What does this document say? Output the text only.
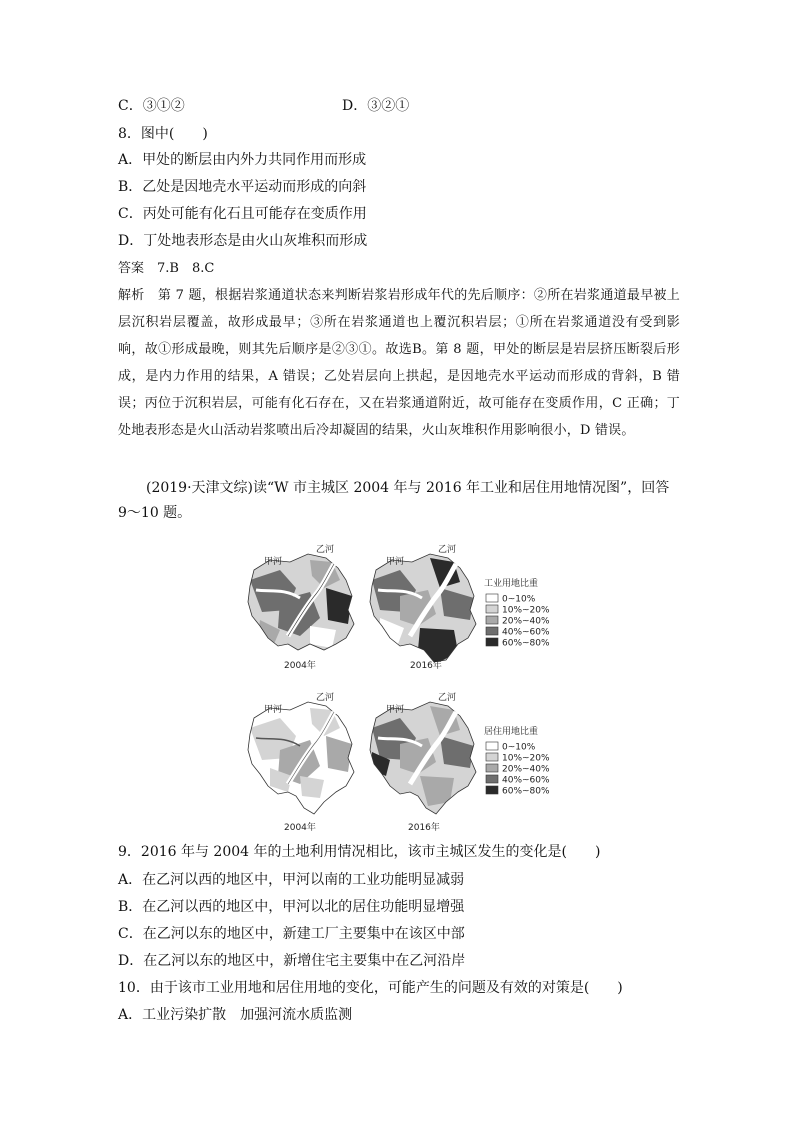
C．③①②	D．③②①
8．图中(　　)
A．甲处的断层由内外力共同作用而形成
B．乙处是因地壳水平运动而形成的向斜
C．丙处可能有化石且可能存在变质作用
D．丁处地表形态是由火山灰堆积而形成
答案　7.B　8.C
解析　第 7 题，根据岩浆通道状态来判断岩浆岩形成年代的先后顺序：②所在岩浆通道最早被上层沉积岩层覆盖，故形成最早；③所在岩浆通道也上覆沉积岩层；①所在岩浆通道没有受到影响，故①形成最晚，则其先后顺序是②③①。故选B。第 8 题，甲处的断层是岩层挤压断裂后形成，是内力作用的结果，A 错误；乙处岩层向上拱起，是因地壳水平运动而形成的背斜，B 错误；丙位于沉积岩层，可能有化石存在，又在岩浆通道附近，故可能存在变质作用，C 正确；丁处地表形态是火山活动岩浆喷出后冷却凝固的结果，火山灰堆积作用影响很小，D 错误。
(2019·天津文综)读“W 市主城区 2004 年与 2016 年工业和居住用地情况图”，回答 9～10 题。
甲河
乙河
2004年
甲河
乙河
2016年
工业用地比重
0~10%
10%~20%
20%~40%
40%~60%
60%~80%
甲河
乙河
2004年
甲河
乙河
2016年
居住用地比重
0~10%
10%~20%
20%~40%
40%~60%
60%~80%
9．2016 年与 2004 年的土地利用情况相比，该市主城区发生的变化是(　　)
A．在乙河以西的地区中，甲河以南的工业功能明显减弱
B．在乙河以西的地区中，甲河以北的居住功能明显增强
C．在乙河以东的地区中，新建工厂主要集中在该区中部
D．在乙河以东的地区中，新增住宅主要集中在乙河沿岸
10．由于该市工业用地和居住用地的变化，可能产生的问题及有效的对策是(　　)
A．工业污染扩散　加强河流水质监测
